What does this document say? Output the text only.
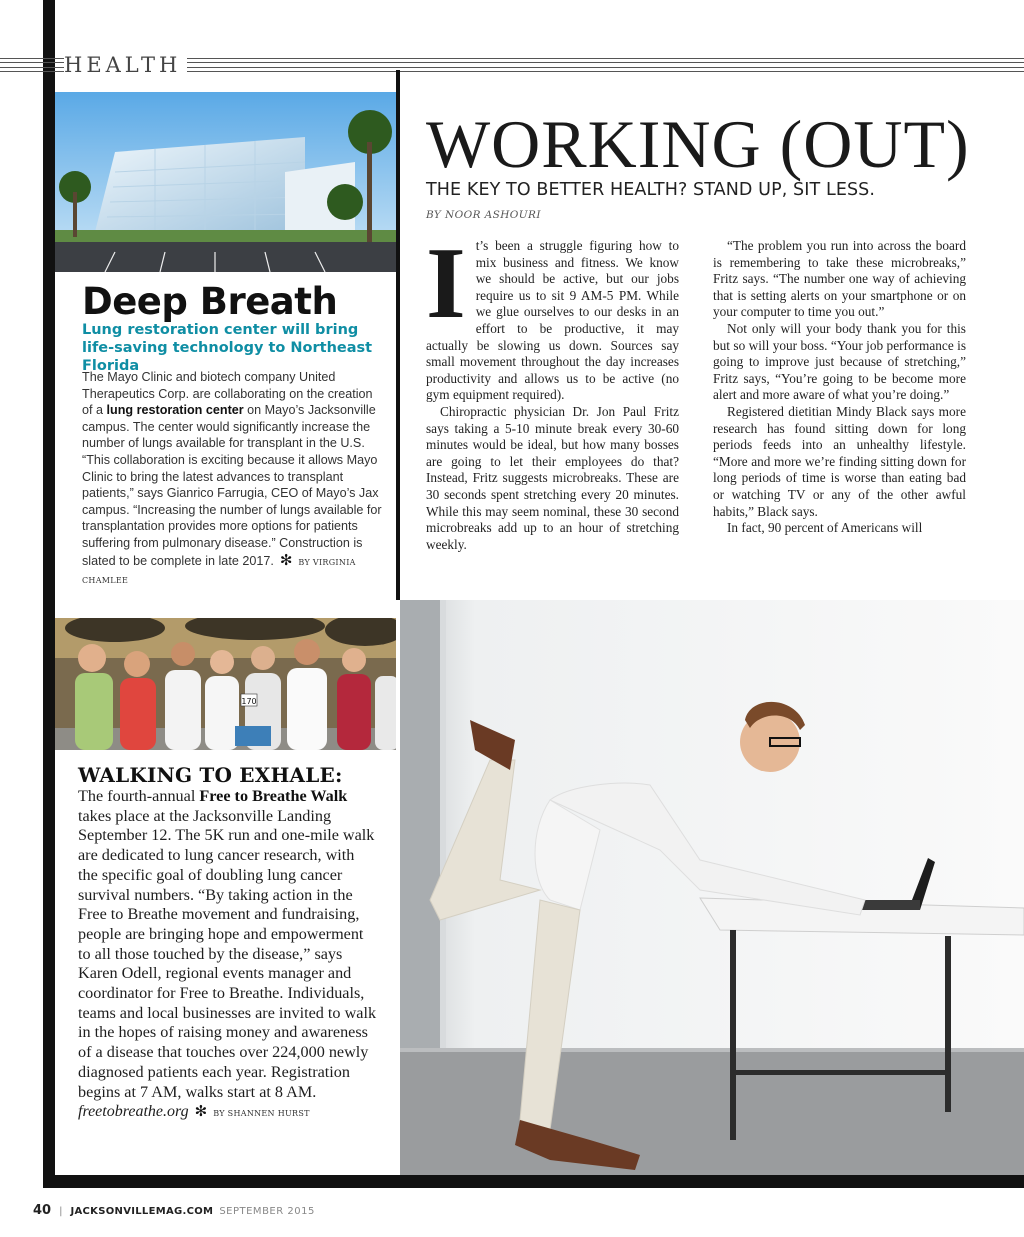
HEALTH
Deep Breath
Lung restoration center will bring life-saving technology to Northeast Florida
The Mayo Clinic and biotech company United Therapeutics Corp. are collaborating on the creation of a lung restoration center on Mayo’s Jacksonville campus. The center would significantly increase the number of lungs available for transplant in the U.S. “This collaboration is exciting because it allows Mayo Clinic to bring the latest advances to transplant patients,” says Gianrico Farrugia, CEO of Mayo’s Jax campus. “Increasing the number of lungs available for transplantation provides more options for patients suffering from pulmonary disease.” Construction is slated to be complete in late 2017. ✻ BY VIRGINIA CHAMLEE
170
WALKING TO EXHALE:
The fourth-annual Free to Breathe Walk takes place at the Jacksonville Landing September 12. The 5K run and one-mile walk are dedicated to lung cancer research, with the specific goal of doubling lung cancer survival numbers. “By taking action in the Free to Breathe movement and fundraising, people are bringing hope and empowerment to all those touched by the disease,” says Karen Odell, regional events manager and coordinator for Free to Breathe. Individuals, teams and local businesses are invited to walk in the hopes of raising money and awareness of a disease that touches over 224,000 newly diagnosed patients each year. Registration begins at 7 AM, walks start at 8 AM.
freetobreathe.org ✻ BY SHANNEN HURST
WORKING (OUT)
THE KEY TO BETTER HEALTH? STAND UP, SIT LESS.
BY NOOR ASHOURI
I t’s been a struggle figuring how to mix business and fitness. We know we should be active, but our jobs require us to sit 9 AM-5 PM. While we glue ourselves to our desks in an effort to be productive, it may actually be slowing us down. Sources say small movement throughout the day increases productivity and allows us to be active (no gym equipment required).

Chiropractic physician Dr. Jon Paul Fritz says taking a 5-10 minute break every 30-60 minutes would be ideal, but how many bosses are going to let their employees do that? Instead, Fritz suggests microbreaks. These are 30 seconds spent stretching every 20 minutes. While this may seem nominal, these 30 second microbreaks add up to an hour of stretching weekly.

“The problem you run into across the board is remembering to take these microbreaks,” Fritz says. “The number one way of achieving that is setting alerts on your smartphone or on your computer to time you out.”

Not only will your body thank you for this but so will your boss. “Your job performance is going to improve just because of stretching,” Fritz says, “You’re going to be become more alert and more aware of what you’re doing.”

Registered dietitian Mindy Black says more research has found sitting down for long periods feeds into an unhealthy lifestyle. “More and more we’re finding sitting down for long periods of time is worse than eating bad or watching TV or any of the other awful habits,” Black says.

In fact, 90 percent of Americans will

40 | JACKSONVILLEMAG.COM SEPTEMBER 2015
